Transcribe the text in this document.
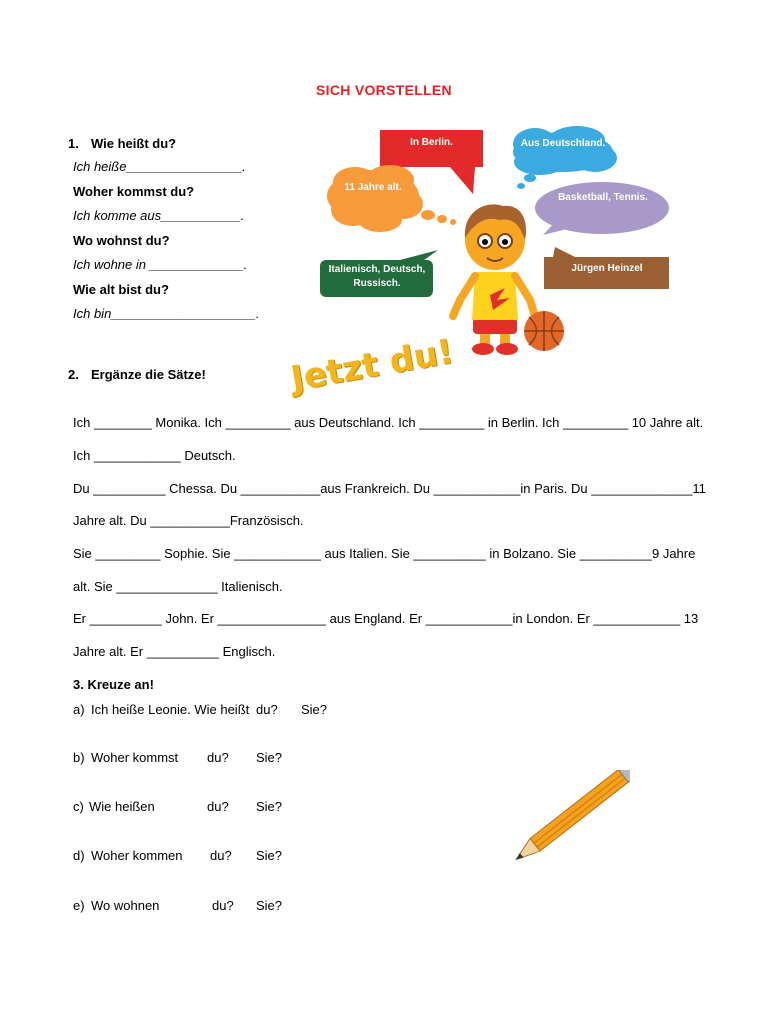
SICH VORSTELLEN
1. Wie heißt du?
Ich heiße________________.
Woher kommst du?
Ich komme aus___________.
Wo wohnst du?
Ich wohne in _____________.
Wie alt bist du?
Ich bin____________________.
In Berlin.	Aus Deutschland.
11 Jahre alt.
Basketball, Tennis.
Italienisch, Deutsch, Russisch.
Jürgen Heinzel
Jetzt du!
2. Ergänze die Sätze!
Ich ________ Monika. Ich _________ aus Deutschland. Ich _________ in Berlin. Ich _________ 10 Jahre alt.
Ich ____________ Deutsch.
Du __________ Chessa. Du ___________aus Frankreich. Du ____________in Paris. Du ______________11
Jahre alt. Du ___________Französisch.
Sie _________ Sophie. Sie ____________ aus Italien. Sie __________ in Bolzano. Sie __________9 Jahre
alt. Sie ______________ Italienisch.
Er __________ John. Er _______________ aus England. Er ____________in London. Er ____________ 13
Jahre alt. Er __________ Englisch.
3. Kreuze an!
a) Ich heiße Leonie. Wie heißt du? Sie?
b) Woher kommst du? Sie?
c) Wie heißen	du? Sie?
d) Woher kommen du? Sie?
e) Wo wohnen	du? Sie?
